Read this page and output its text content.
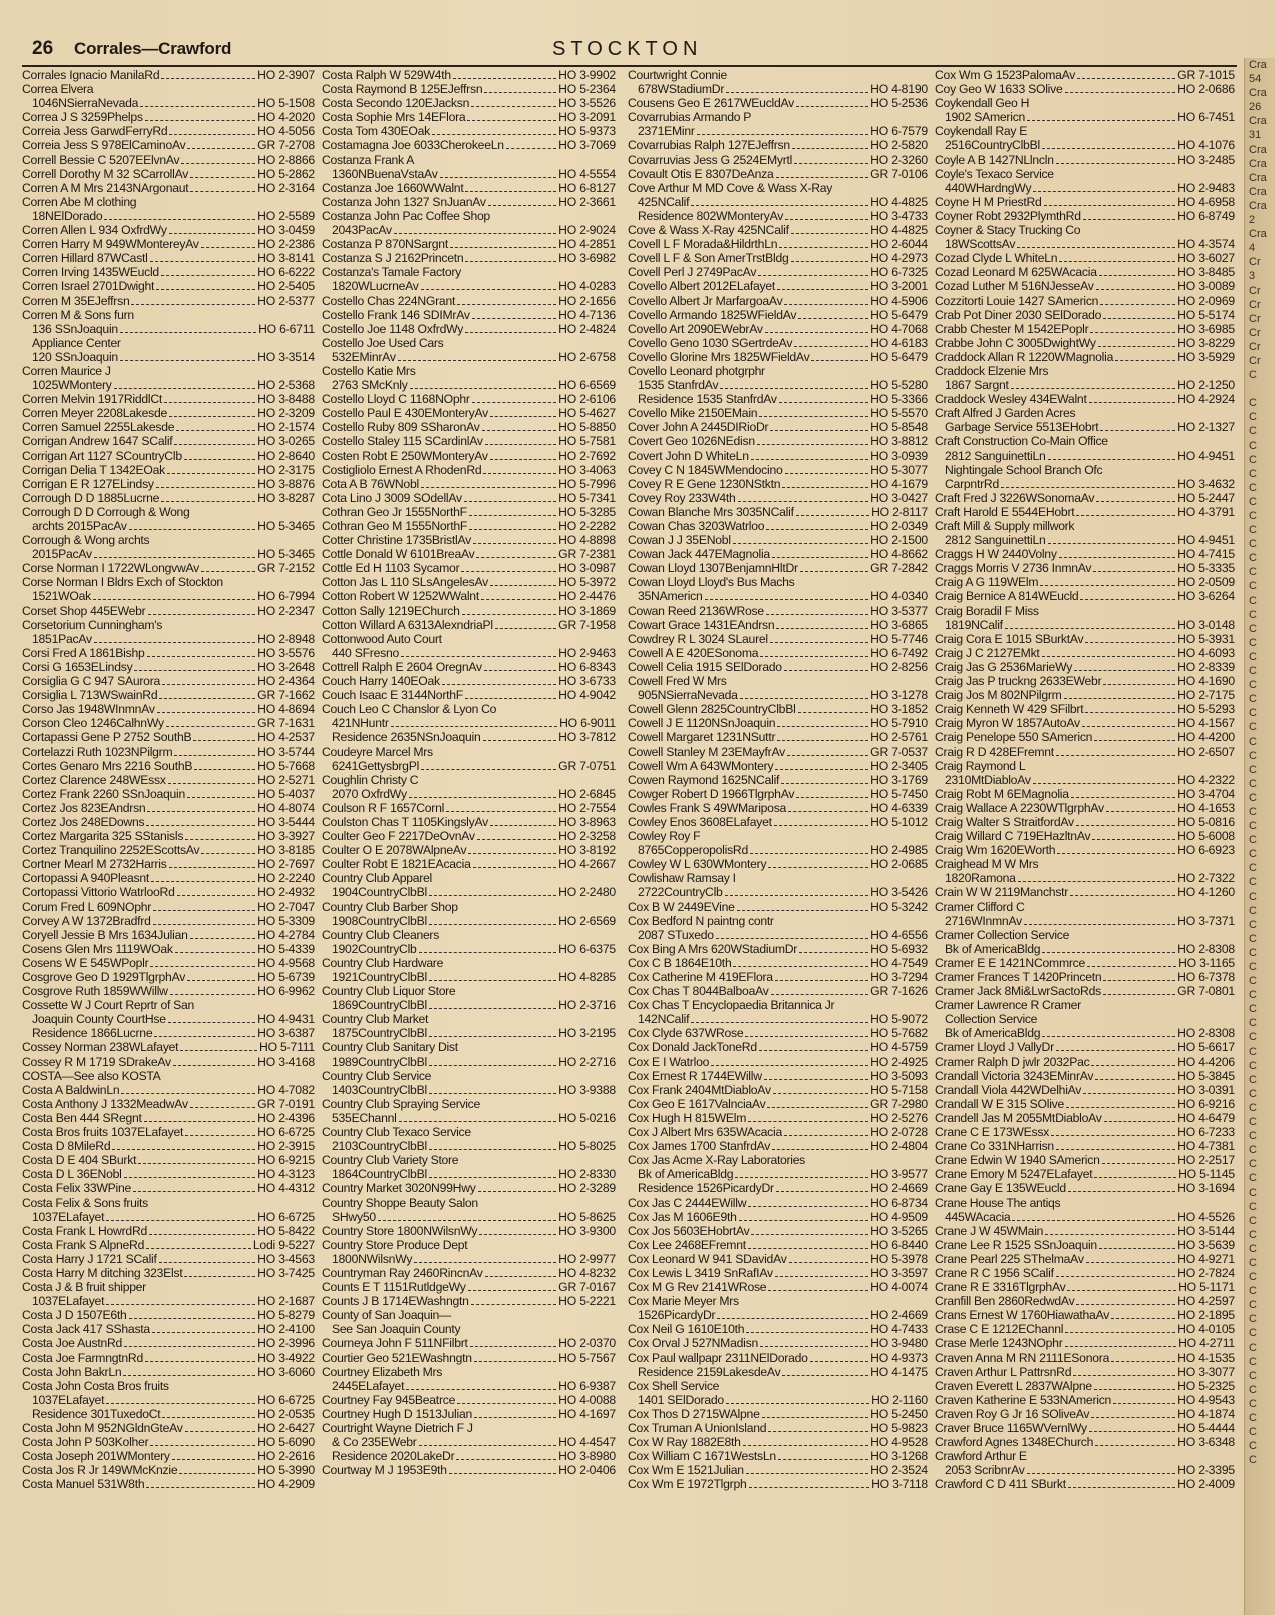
26 Corrales—Crawford	STOCKTON
Corrales Ignacio ManilaRd	HO 2-3907
Correa Elvera
1046NSierraNevada	HO 5-1508
Correa J S 3259Phelps	HO 4-2020
Correia Jess GarwdFerryRd	HO 4-5056
Correia Jess S 978ElCaminoAv	GR 7-2708
Correll Bessie C 5207EElvnAv	HO 2-8866
Correll Dorothy M 32 SCarrollAv	HO 5-2862
Corren A M Mrs 2143NArgonaut	HO 2-3164
Corren Abe M clothing
18NElDorado	HO 2-5589
Corren Allen L 934 OxfrdWy	HO 3-0459
Corren Harry M 949WMontereyAv	HO 2-2386
Corren Hillard 87WCastl	HO 3-8141
Corren Irving 1435WEucld	HO 6-6222
Corren Israel 2701Dwight	HO 2-5405
Corren M 35EJeffrsn	HO 2-5377
Corren M & Sons furn
136 SSnJoaquin	HO 6-6711
Appliance Center
120 SSnJoaquin	HO 3-3514
Corren Maurice J
1025WMontery	HO 2-5368
Corren Melvin 1917RiddlCt	HO 3-8488
Corren Meyer 2208Lakesde	HO 2-3209
Corren Samuel 2255Lakesde	HO 2-1574
Corrigan Andrew 1647 SCalif	HO 3-0265
Corrigan Art 1127 SCountryClb	HO 2-8640
Corrigan Delia T 1342EOak	HO 2-3175
Corrigan E R 127ELindsy	HO 3-8876
Corrough D D 1885Lucrne	HO 3-8287
Corrough D D Corrough & Wong
archts 2015PacAv	HO 5-3465
Corrough & Wong archts
2015PacAv	HO 5-3465
Corse Norman I 1722WLongvwAv	GR 7-2152
Corse Norman I Bldrs Exch of Stockton
1521WOak	HO 6-7994
Corset Shop 445EWebr	HO 2-2347
Corsetorium Cunningham's
1851PacAv	HO 2-8948
Corsi Fred A 1861Bishp	HO 3-5576
Corsi G 1653ELindsy	HO 3-2648
Corsiglia G C 947 SAurora	HO 2-4364
Corsiglia L 713WSwainRd	GR 7-1662
Corso Jas 1948WInmnAv	HO 4-8694
Corson Cleo 1246CalhnWy	GR 7-1631
Cortapassi Gene P 2752 SouthB	HO 4-2537
Cortelazzi Ruth 1023NPilgrm	HO 3-5744
Cortes Genaro Mrs 2216 SouthB	HO 5-7668
Cortez Clarence 248WEssx	HO 2-5271
Cortez Frank 2260 SSnJoaquin	HO 5-4037
Cortez Jos 823EAndrsn	HO 4-8074
Cortez Jos 248EDowns	HO 3-5444
Cortez Margarita 325 SStanisls	HO 3-3927
Cortez Tranquilino 2252EScottsAv	HO 3-8185
Cortner Mearl M 2732Harris	HO 2-7697
Cortopassi A 940Pleasnt	HO 2-2240
Cortopassi Vittorio WatrlooRd	HO 2-4932
Corum Fred L 609NOphr	HO 2-7047
Corvey A W 1372Bradfrd	HO 5-3309
Coryell Jessie B Mrs 1634Julian	HO 4-2784
Cosens Glen Mrs 1119WOak	HO 5-4339
Cosens W E 545WPoplr	HO 4-9568
Cosgrove Geo D 1929TlgrphAv	HO 5-6739
Cosgrove Ruth 1859WWillw	HO 6-9962
Cossette W J Court Reprtr of San
Joaquin County CourtHse	HO 4-9431
Residence 1866Lucrne	HO 3-6387
Cossey Norman 238WLafayet	HO 5-7111
Cossey R M 1719 SDrakeAv	HO 3-4168
COSTA—See also KOSTA
Costa A BaldwinLn	HO 4-7082
Costa Anthony J 1332MeadwAv	GR 7-0191
Costa Ben 444 SRegnt	HO 2-4396
Costa Bros fruits 1037ELafayet	HO 6-6725
Costa D 8MileRd	HO 2-3915
Costa D E 404 SBurkt	HO 6-9215
Costa D L 36ENobl	HO 4-3123
Costa Felix 33WPine	HO 4-4312
Costa Felix & Sons fruits
1037ELafayet	HO 6-6725
Costa Frank L HowrdRd	HO 5-8422
Costa Frank S AlpneRd	Lodi 9-5227
Costa Harry J 1721 SCalif	HO 3-4563
Costa Harry M ditching 323Elst	HO 3-7425
Costa J & B fruit shipper
1037ELafayet	HO 2-1687
Costa J D 1507E6th	HO 5-8279
Costa Jack 417 SShasta	HO 2-4100
Costa Joe AustnRd	HO 2-3996
Costa Joe FarmngtnRd	HO 3-4922
Costa John BakrLn	HO 3-6060
Costa John Costa Bros fruits
1037ELafayet	HO 6-6725
Residence 301TuxedoCt	HO 2-0535
Costa John M 952NGldnGteAv	HO 2-6427
Costa John P 503Kolher	HO 5-6090
Costa Joseph 201WMontery	HO 2-2616
Costa Jos R Jr 149WMcKnzie	HO 5-3990
Costa Manuel 531W8th	HO 4-2909
Costa Ralph W 529W4th	HO 3-9902
Costa Raymond B 125EJeffrsn	HO 5-2364
Costa Secondo 120EJacksn	HO 3-5526
Costa Sophie Mrs 14EFlora	HO 3-2091
Costa Tom 430EOak	HO 5-9373
Costamagna Joe 6033CherokeeLn	HO 3-7069
Costanza Frank A
1360NBuenaVstaAv	HO 4-5554
Costanza Joe 1660WWalnt	HO 6-8127
Costanza John 1327 SnJuanAv	HO 2-3661
Costanza John Pac Coffee Shop
2043PacAv	HO 2-9024
Costanza P 870NSargnt	HO 4-2851
Costanza S J 2162Princetn	HO 3-6982
Costanza's Tamale Factory
1820WLucrneAv	HO 4-0283
Costello Chas 224NGrant	HO 2-1656
Costello Frank 146 SDIMrAv	HO 4-7136
Costello Joe 1148 OxfrdWy	HO 2-4824
Costello Joe Used Cars
532EMinrAv	HO 2-6758
Costello Katie Mrs
2763 SMcKnly	HO 6-6569
Costello Lloyd C 1168NOphr	HO 2-6106
Costello Paul E 430EMonteryAv	HO 5-4627
Costello Ruby 809 SSharonAv	HO 5-8850
Costello Staley 115 SCardinlAv	HO 5-7581
Costen Robt E 250WMonteryAv	HO 2-7692
Costigliolo Ernest A RhodenRd	HO 3-4063
Cota A B 76WNobl	HO 5-7996
Cota Lino J 3009 SOdellAv	HO 5-7341
Cothran Geo Jr 1555NorthF	HO 5-3285
Cothran Geo M 1555NorthF	HO 2-2282
Cotter Christine 1735BristlAv	HO 4-8898
Cottle Donald W 6101BreaAv	GR 7-2381
Cottle Ed H 1103 Sycamor	HO 3-0987
Cotton Jas L 110 SLsAngelesAv	HO 5-3972
Cotton Robert W 1252WWalnt	HO 2-4476
Cotton Sally 1219EChurch	HO 3-1869
Cotton Willard A 6313AlexndriaPl	GR 7-1958
Cottonwood Auto Court
440 SFresno	HO 2-9463
Cottrell Ralph E 2604 OregnAv	HO 6-8343
Couch Harry 140EOak	HO 3-6733
Couch Isaac E 3144NorthF	HO 4-9042
Couch Leo C Chanslor & Lyon Co
421NHuntr	HO 6-9011
Residence 2635NSnJoaquin	HO 3-7812
Coudeyre Marcel Mrs
6241GettysbrgPl	GR 7-0751
Coughlin Christy C
2070 OxfrdWy	HO 2-6845
Coulson R F 1657Cornl	HO 2-7554
Coulston Chas T 1105KingslyAv	HO 3-8963
Coulter Geo F 2217DeOvnAv	HO 2-3258
Coulter O E 2078WAlpneAv	HO 3-8192
Coulter Robt E 1821EAcacia	HO 4-2667
Country Club Apparel
1904CountryClbBl	HO 2-2480
Country Club Barber Shop
1908CountryClbBl	HO 2-6569
Country Club Cleaners
1902CountryClb	HO 6-6375
Country Club Hardware
1921CountryClbBl	HO 4-8285
Country Club Liquor Store
1869CountryClbBl	HO 2-3716
Country Club Market
1875CountryClbBl	HO 3-2195
Country Club Sanitary Dist
1989CountryClbBl	HO 2-2716
Country Club Service
1403CountryClbBl	HO 3-9388
Country Club Spraying Service
535EChannl	HO 5-0216
Country Club Texaco Service
2103CountryClbBl	HO 5-8025
Country Club Variety Store
1864CountryClbBl	HO 2-8330
Country Market 3020N99Hwy	HO 2-3289
Country Shoppe Beauty Salon
SHwy50	HO 5-8625
Country Store 1800NWilsnWy	HO 3-9300
Country Store Produce Dept
1800NWilsnWy	HO 2-9977
Countryman Ray 2460RincnAv	HO 4-8232
Counts E T 1151RutldgeWy	GR 7-0167
Counts J B 1714EWashngtn	HO 5-2221
County of San Joaquin—
See San Joaquin County
Courneya John F 511NFilbrt	HO 2-0370
Courtier Geo 521EWashngtn	HO 5-7567
Courtney Elizabeth Mrs
2445ELafayet	HO 6-9387
Courtney Fay 945Beatrce	HO 4-0088
Courtney Hugh D 1513Julian	HO 4-1697
Courtright Wayne Dietrich F J
& Co 235EWebr	HO 4-4547
Residence 2020LakeDr	HO 3-8980
Courtway M J 1953E9th	HO 2-0406
Courtwright Connie
678WStadiumDr	HO 4-8190
Cousens Geo E 2617WEucldAv	HO 5-2536
Covarrubias Armando P
2371EMinr	HO 6-7579
Covarrubias Ralph 127EJeffrsn	HO 2-5820
Covarruvias Jess G 2524EMyrtl	HO 2-3260
Covault Otis E 8307DeAnza	GR 7-0106
Cove Arthur M MD Cove & Wass X-Ray
425NCalif	HO 4-4825
Residence 802WMonteryAv	HO 3-4733
Cove & Wass X-Ray 425NCalif	HO 4-4825
Covell L F Morada&HildrthLn	HO 2-6044
Covell L F & Son AmerTrstBldg	HO 4-2973
Covell Perl J 2749PacAv	HO 6-7325
Covello Albert 2012ELafayet	HO 3-2001
Covello Albert Jr MarfargoaAv	HO 4-5906
Covello Armando 1825WFieldAv	HO 5-6479
Covello Art 2090EWebrAv	HO 4-7068
Covello Geno 1030 SGertrdeAv	HO 4-6183
Covello Glorine Mrs 1825WFieldAv	HO 5-6479
Covello Leonard photgrphr
1535 StanfrdAv	HO 5-5280
Residence 1535 StanfrdAv	HO 5-3366
Covello Mike 2150EMain	HO 5-5570
Cover John A 2445DIRioDr	HO 5-8548
Covert Geo 1026NEdisn	HO 3-8812
Covert John D WhiteLn	HO 3-0939
Covey C N 1845WMendocino	HO 5-3077
Covey R E Gene 1230NStktn	HO 4-1679
Covey Roy 233W4th	HO 3-0427
Cowan Blanche Mrs 3035NCalif	HO 2-8117
Cowan Chas 3203Watrloo	HO 2-0349
Cowan J J 35ENobl	HO 2-1500
Cowan Jack 447EMagnolia	HO 4-8662
Cowan Lloyd 1307BenjamnHltDr	GR 7-2842
Cowan Lloyd Lloyd's Bus Machs
35NAmericn	HO 4-0340
Cowan Reed 2136WRose	HO 3-5377
Cowart Grace 1431EAndrsn	HO 3-6865
Cowdrey R L 3024 SLaurel	HO 5-7746
Cowell A E 420ESonoma	HO 6-7492
Cowell Celia 1915 SElDorado	HO 2-8256
Cowell Fred W Mrs
905NSierraNevada	HO 3-1278
Cowell Glenn 2825CountryClbBl	HO 3-1852
Cowell J E 1120NSnJoaquin	HO 5-7910
Cowell Margaret 1231NSuttr	HO 2-5761
Cowell Stanley M 23EMayfrAv	GR 7-0537
Cowell Wm A 643WMontery	HO 2-3405
Cowen Raymond 1625NCalif	HO 3-1769
Cowger Robert D 1966TlgrphAv	HO 5-7450
Cowles Frank S 49WMariposa	HO 4-6339
Cowley Enos 3608ELafayet	HO 5-1012
Cowley Roy F
8765CopperopolisRd	HO 2-4985
Cowley W L 630WMontery	HO 2-0685
Cowlishaw Ramsay I
2722CountryClb	HO 3-5426
Cox B W 2449EVine	HO 5-3242
Cox Bedford N paintng contr
2087 STuxedo	HO 4-6556
Cox Bing A Mrs 620WStadiumDr	HO 5-6932
Cox C B 1864E10th	HO 4-7549
Cox Catherine M 419EFlora	HO 3-7294
Cox Chas T 8044BalboaAv	GR 7-1626
Cox Chas T Encyclopaedia Britannica Jr
142NCalif	HO 5-9072
Cox Clyde 637WRose	HO 5-7682
Cox Donald JackToneRd	HO 4-5759
Cox E I Watrloo	HO 2-4925
Cox Ernest R 1744EWillw	HO 3-5093
Cox Frank 2404MtDiabloAv	HO 5-7158
Cox Geo E 1617ValnciaAv	GR 7-2980
Cox Hugh H 815WElm	HO 2-5276
Cox J Albert Mrs 635WAcacia	HO 2-0728
Cox James 1700 StanfrdAv	HO 2-4804
Cox Jas Acme X-Ray Laboratories
Bk of AmericaBldg	HO 3-9577
Residence 1526PicardyDr	HO 2-4669
Cox Jas C 2444EWillw	HO 6-8734
Cox Jas M 1606E9th	HO 4-9509
Cox Jos 5603EHobrtAv	HO 3-5265
Cox Lee 2468EFremnt	HO 6-8440
Cox Leonard W 941 SDavidAv	HO 5-3978
Cox Lewis L 3419 SnRafIAv	HO 3-3597
Cox M G Rev 2141WRose	HO 4-0074
Cox Marie Meyer Mrs
1526PicardyDr	HO 2-4669
Cox Neil G 1610E10th	HO 4-7433
Cox Orval J 527NMadisn	HO 3-9480
Cox Paul wallpapr 2311NElDorado	HO 4-9373
Residence 2159LakesdeAv	HO 4-1475
Cox Shell Service
1401 SElDorado	HO 2-1160
Cox Thos D 2715WAlpne	HO 5-2450
Cox Truman A UnionIsland	HO 5-9823
Cox W Ray 1882E8th	HO 4-9528
Cox William C 1671WestsLn	HO 3-1268
Cox Wm E 1521Julian	HO 2-3524
Cox Wm E 1972Tlgrph	HO 3-7118
Cox Wm G 1523PalomaAv	GR 7-1015
Coy Geo W 1633 SOlive	HO 2-0686
Coykendall Geo H
1902 SAmericn	HO 6-7451
Coykendall Ray E
2516CountryClbBl	HO 4-1076
Coyle A B 1427NLlncln	HO 3-2485
Coyle's Texaco Service
440WHardngWy	HO 2-9483
Coyne H M PriestRd	HO 4-6958
Coyner Robt 2932PlymthRd	HO 6-8749
Coyner & Stacy Trucking Co
18WScottsAv	HO 4-3574
Cozad Clyde L WhiteLn	HO 3-6027
Cozad Leonard M 625WAcacia	HO 3-8485
Cozad Luther M 516NJesseAv	HO 3-0089
Cozzitorti Louie 1427 SAmericn	HO 2-0969
Crab Pot Diner 2030 SElDorado	HO 5-5174
Crabb Chester M 1542EPoplr	HO 3-6985
Crabbe John C 3005DwightWy	HO 3-8229
Craddock Allan R 1220WMagnolia	HO 3-5929
Craddock Elzenie Mrs
1867 Sargnt	HO 2-1250
Craddock Wesley 434EWalnt	HO 4-2924
Craft Alfred J Garden Acres
Garbage Service 5513EHobrt	HO 2-1327
Craft Construction Co-Main Office
2812 SanguinettiLn	HO 4-9451
Nightingale School Branch Ofc
CarpntrRd	HO 3-4632
Craft Fred J 3226WSonomaAv	HO 5-2447
Craft Harold E 5544EHobrt	HO 4-3791
Craft Mill & Supply millwork
2812 SanguinettiLn	HO 4-9451
Craggs H W 2440Volny	HO 4-7415
Craggs Morris V 2736 InmnAv	HO 5-3335
Craig A G 119WElm	HO 2-0509
Craig Bernice A 814WEucld	HO 3-6264
Craig Boradil F Miss
1819NCalif	HO 3-0148
Craig Cora E 1015 SBurktAv	HO 5-3931
Craig J C 2127EMkt	HO 4-6093
Craig Jas G 2536MarieWy	HO 2-8339
Craig Jas P truckng 2633EWebr	HO 4-1690
Craig Jos M 802NPilgrm	HO 2-7175
Craig Kenneth W 429 SFilbrt	HO 5-5293
Craig Myron W 1857AutoAv	HO 4-1567
Craig Penelope 550 SAmericn	HO 4-4200
Craig R D 428EFremnt	HO 2-6507
Craig Raymond L
2310MtDiabloAv	HO 4-2322
Craig Robt M 6EMagnolia	HO 3-4704
Craig Wallace A 2230WTlgrphAv	HO 4-1653
Craig Walter S StraitfordAv	HO 5-0816
Craig Willard C 719EHazltnAv	HO 5-6008
Craig Wm 1620EWorth	HO 6-6923
Craighead M W Mrs
1820Ramona	HO 2-7322
Crain W W 2119Manchstr	HO 4-1260
Cramer Clifford C
2716WInmnAv	HO 3-7371
Cramer Collection Service
Bk of AmericaBldg	HO 2-8308
Cramer E E 1421NCommrce	HO 3-1165
Cramer Frances T 1420Princetn	HO 6-7378
Cramer Jack 8Mi&LwrSactoRds	GR 7-0801
Cramer Lawrence R Cramer
Collection Service
Bk of AmericaBldg	HO 2-8308
Cramer Lloyd J VallyDr	HO 5-6617
Cramer Ralph D jwlr 2032Pac	HO 4-4206
Crandall Victoria 3243EMinrAv	HO 5-3845
Crandall Viola 442WDelhiAv	HO 3-0391
Crandall W E 315 SOlive	HO 6-9216
Crandell Jas M 2055MtDiabloAv	HO 4-6479
Crane C E 173WEssx	HO 6-7233
Crane Co 331NHarrisn	HO 4-7381
Crane Edwin W 1940 SAmericn	HO 2-2517
Crane Emory M 5247ELafayet	HO 5-1145
Crane Gay E 135WEucld	HO 3-1694
Crane House The antiqs
445WAcacia	HO 4-5526
Crane J W 45WMain	HO 3-5144
Crane Lee R 1525 SSnJoaquin	HO 3-5639
Crane Pearl 225 SThelmaAv	HO 4-9271
Crane R C 1956 SCalif	HO 2-7824
Crane R E 3316TlgrphAv	HO 5-1171
Cranfill Ben 2860RedwdAv	HO 4-2597
Crans Ernest W 1760HiawathaAv	HO 2-1895
Crase C E 1212EChannl	HO 4-0105
Crase Merle 1243NOphr	HO 4-2711
Craven Anna M RN 2111ESonora	HO 4-1535
Craven Arthur L PattrsnRd	HO 3-3077
Craven Everett L 2837WAlpne	HO 5-2325
Craven Katherine E 533NAmericn	HO 4-9543
Craven Roy G Jr 16 SOliveAv	HO 4-1874
Craver Bruce 1165WVernlWy	HO 5-4444
Crawford Agnes 1348EChurch	HO 3-6348
Crawford Arthur E
2053 ScribnrAv	HO 2-3395
Crawford C D 411 SBurkt	HO 2-4009
Cra
54
Cra
26
Cra
31
Cra
Cra
Cra
Cra
Cra
2
Cra
4
Cr
3
Cr
Cr
Cr
Cr
Cr
Cr
C
C
C
C
C
C
C
C
C
C
C
C
C
C
C
C
C
C
C
C
C
C
C
C
C
C
C
C
C
C
C
C
C
C
C
C
C
C
C
C
C
C
C
C
C
C
C
C
C
C
C
C
C
C
C
C
C
C
C
C
C
C
C
C
C
C
C
C
C
C
C
C
C
C
C
C
C
